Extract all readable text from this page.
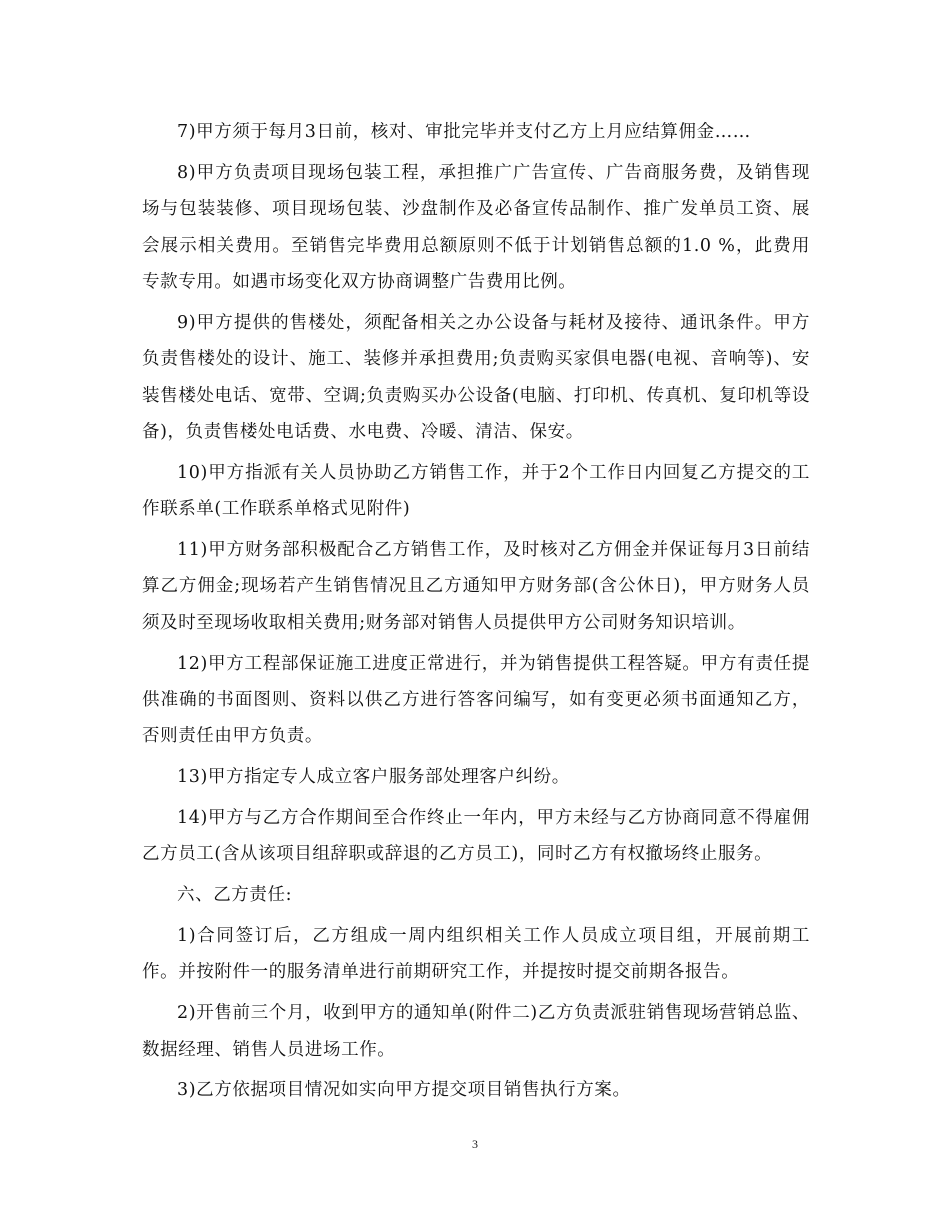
7)甲方须于每月3日前，核对、审批完毕并支付乙方上月应结算佣金……

8)甲方负责项目现场包装工程，承担推广广告宣传、广告商服务费，及销售现场与包装装修、项目现场包装、沙盘制作及必备宣传品制作、推广发单员工资、展会展示相关费用。至销售完毕费用总额原则不低于计划销售总额的1.0 %，此费用专款专用。如遇市场变化双方协商调整广告费用比例。

9)甲方提供的售楼处，须配备相关之办公设备与耗材及接待、通讯条件。甲方负责售楼处的设计、施工、装修并承担费用;负责购买家俱电器(电视、音响等)、安装售楼处电话、宽带、空调;负责购买办公设备(电脑、打印机、传真机、复印机等设备)，负责售楼处电话费、水电费、冷暖、清洁、保安。

10)甲方指派有关人员协助乙方销售工作，并于2个工作日内回复乙方提交的工作联系单(工作联系单格式见附件)

11)甲方财务部积极配合乙方销售工作，及时核对乙方佣金并保证每月3日前结算乙方佣金;现场若产生销售情况且乙方通知甲方财务部(含公休日)，甲方财务人员须及时至现场收取相关费用;财务部对销售人员提供甲方公司财务知识培训。

12)甲方工程部保证施工进度正常进行，并为销售提供工程答疑。甲方有责任提供准确的书面图则、资料以供乙方进行答客问编写，如有变更必须书面通知乙方，否则责任由甲方负责。

13)甲方指定专人成立客户服务部处理客户纠纷。

14)甲方与乙方合作期间至合作终止一年内，甲方未经与乙方协商同意不得雇佣乙方员工(含从该项目组辞职或辞退的乙方员工)，同时乙方有权撤场终止服务。

六、乙方责任:

1)合同签订后，乙方组成一周内组织相关工作人员成立项目组，开展前期工作。并按附件一的服务清单进行前期研究工作，并提按时提交前期各报告。

2)开售前三个月，收到甲方的通知单(附件二)乙方负责派驻销售现场营销总监、数据经理、销售人员进场工作。

3)乙方依据项目情况如实向甲方提交项目销售执行方案。

3
